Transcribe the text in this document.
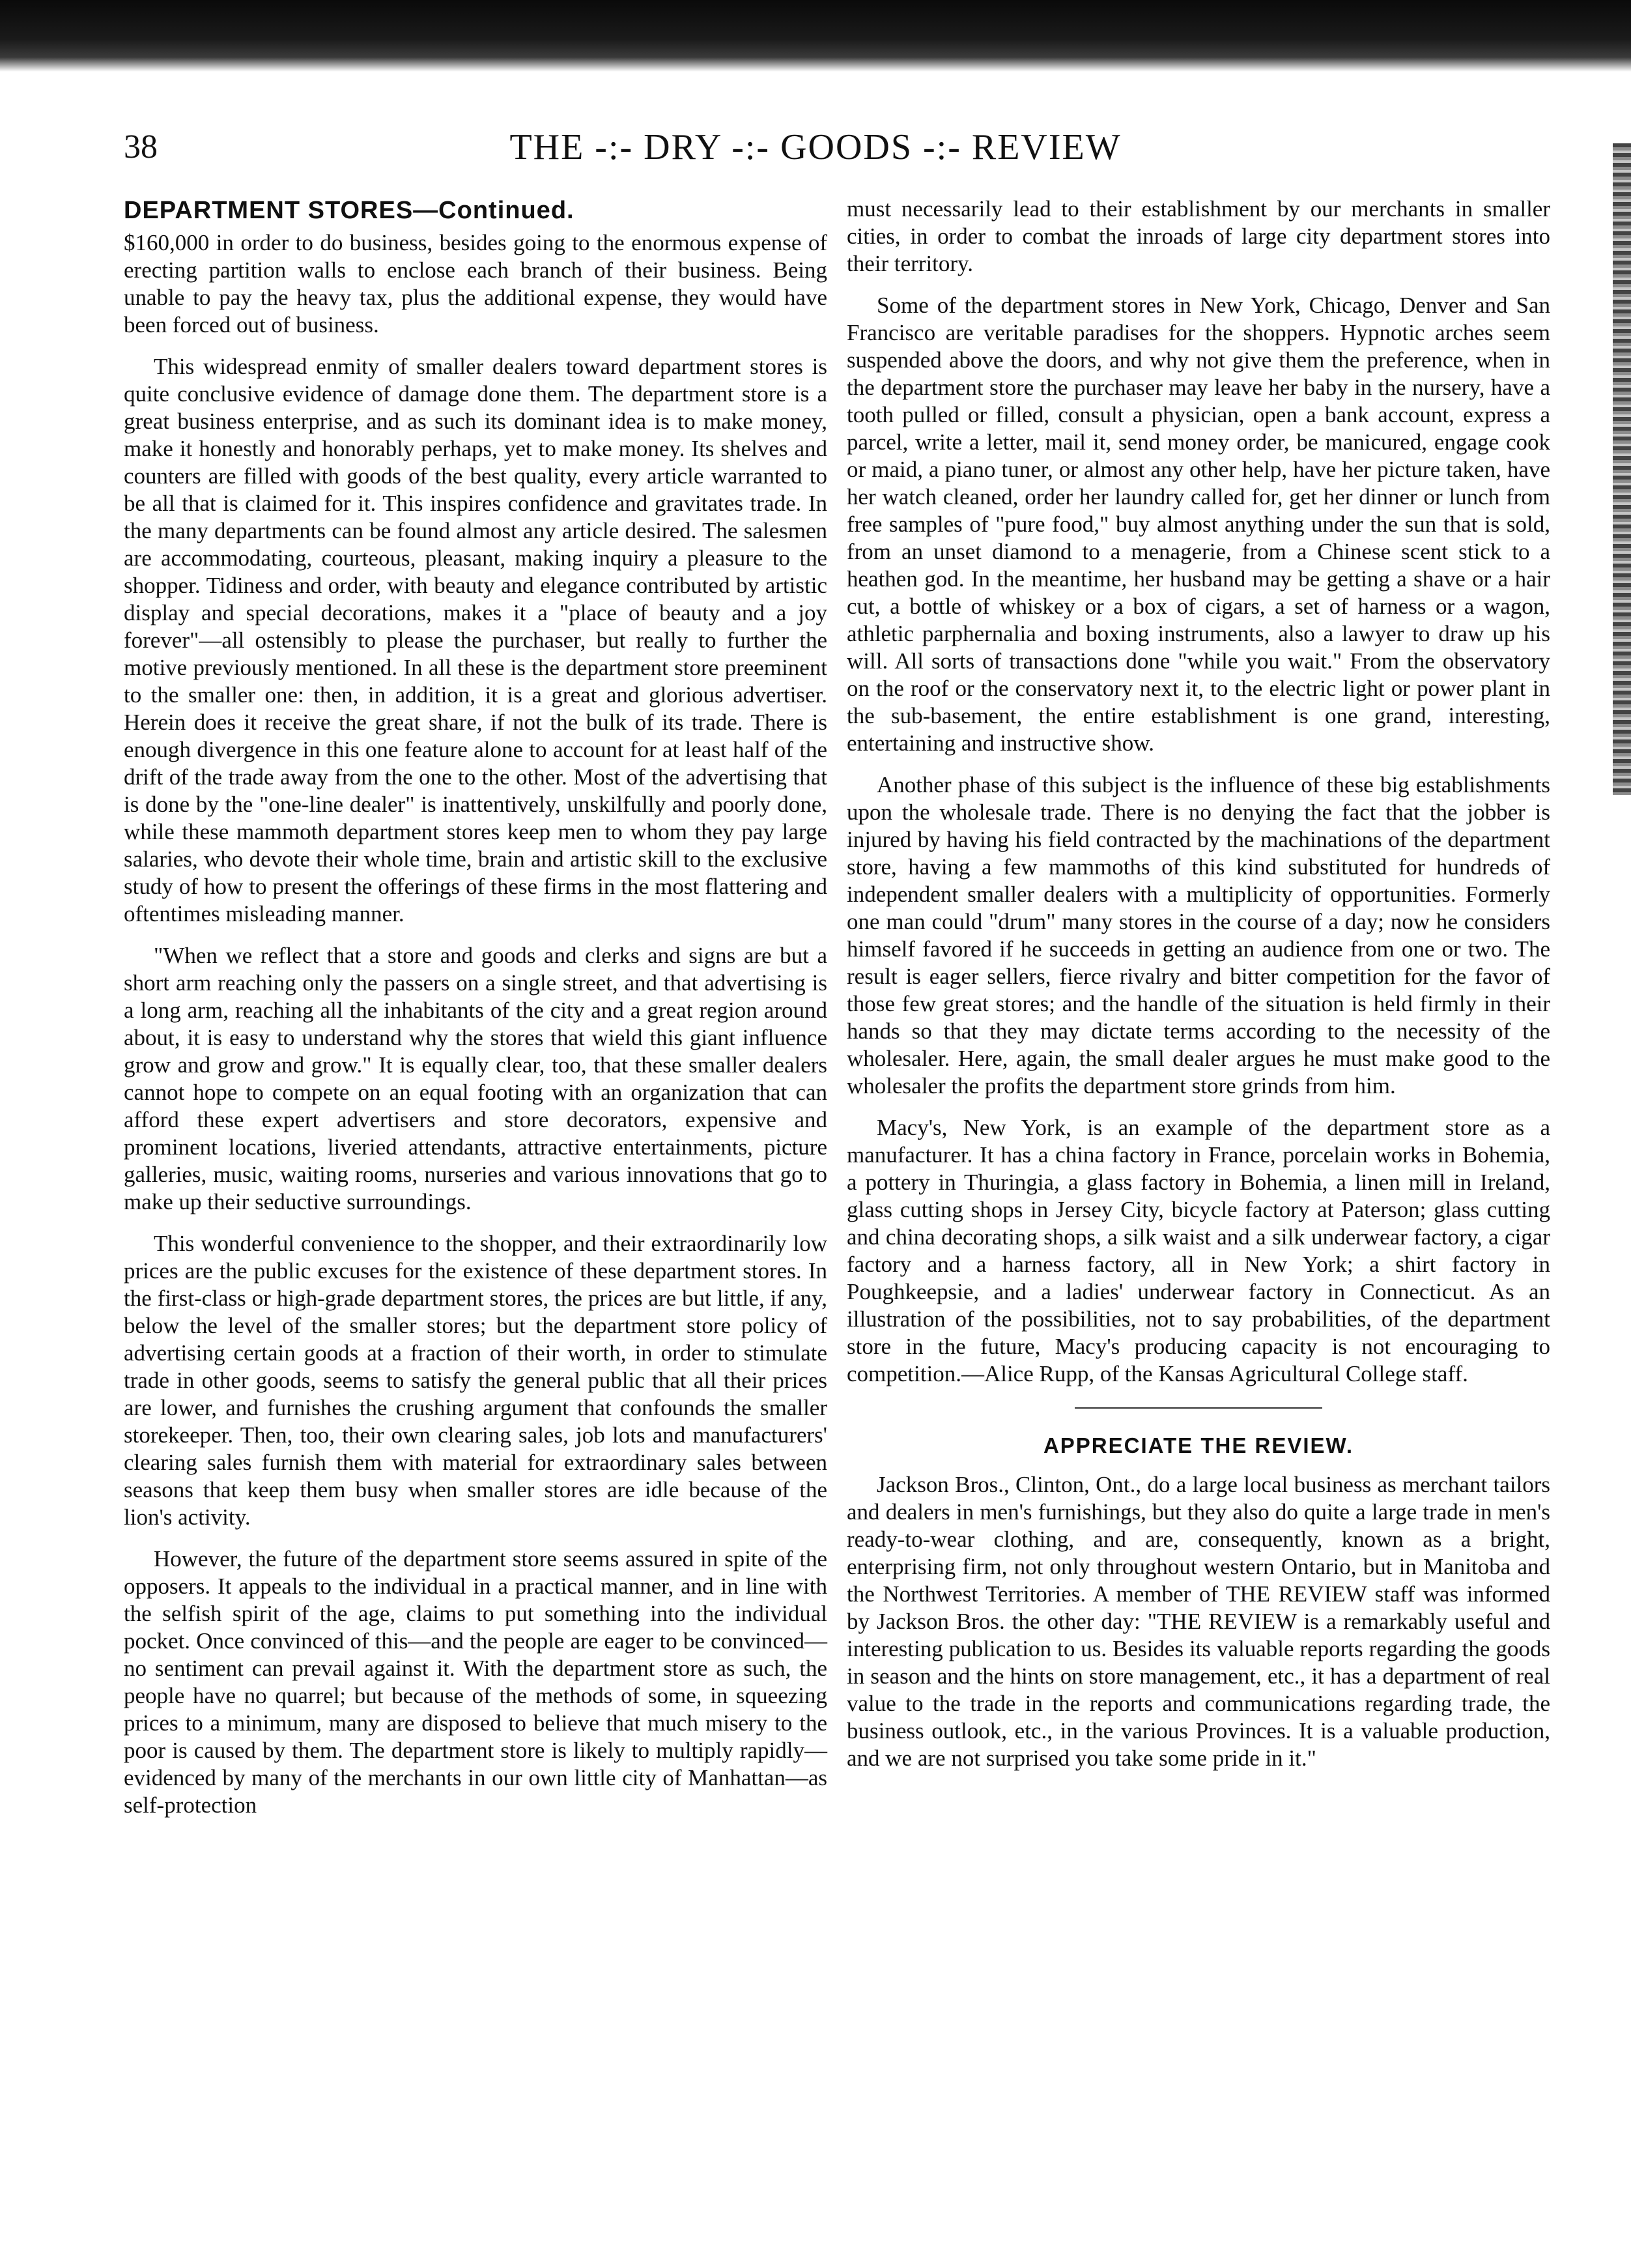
38	THE -:- DRY -:- GOODS -:- REVIEW
DEPARTMENT STORES—Continued.

$160,000 in order to do business, besides going to the enormous expense of erecting partition walls to enclose each branch of their business. Being unable to pay the heavy tax, plus the additional expense, they would have been forced out of business.

This widespread enmity of smaller dealers toward department stores is quite conclusive evidence of damage done them. The department store is a great business enterprise, and as such its dominant idea is to make money, make it honestly and honorably perhaps, yet to make money. Its shelves and counters are filled with goods of the best quality, every article warranted to be all that is claimed for it. This inspires confidence and gravitates trade. In the many departments can be found almost any article desired. The salesmen are accommodating, courteous, pleasant, making inquiry a pleasure to the shopper. Tidiness and order, with beauty and elegance contributed by artistic display and special decorations, makes it a "place of beauty and a joy forever"—all ostensibly to please the purchaser, but really to further the motive previously mentioned. In all these is the department store preeminent to the smaller one: then, in addition, it is a great and glorious advertiser. Herein does it receive the great share, if not the bulk of its trade. There is enough divergence in this one feature alone to account for at least half of the drift of the trade away from the one to the other. Most of the advertising that is done by the "one-line dealer" is inattentively, unskilfully and poorly done, while these mammoth department stores keep men to whom they pay large salaries, who devote their whole time, brain and artistic skill to the exclusive study of how to present the offerings of these firms in the most flattering and oftentimes misleading manner.

"When we reflect that a store and goods and clerks and signs are but a short arm reaching only the passers on a single street, and that advertising is a long arm, reaching all the inhabitants of the city and a great region around about, it is easy to understand why the stores that wield this giant influence grow and grow and grow." It is equally clear, too, that these smaller dealers cannot hope to compete on an equal footing with an organization that can afford these expert advertisers and store decorators, expensive and prominent locations, liveried attendants, attractive entertainments, picture galleries, music, waiting rooms, nurseries and various innovations that go to make up their seductive surroundings.

This wonderful convenience to the shopper, and their extraordinarily low prices are the public excuses for the existence of these department stores. In the first-class or high-grade department stores, the prices are but little, if any, below the level of the smaller stores; but the department store policy of advertising certain goods at a fraction of their worth, in order to stimulate trade in other goods, seems to satisfy the general public that all their prices are lower, and furnishes the crushing argument that confounds the smaller storekeeper. Then, too, their own clearing sales, job lots and manufacturers' clearing sales furnish them with material for extraordinary sales between seasons that keep them busy when smaller stores are idle because of the lion's activity.

However, the future of the department store seems assured in spite of the opposers. It appeals to the individual in a practical manner, and in line with the selfish spirit of the age, claims to put something into the individual pocket. Once convinced of this—and the people are eager to be convinced—no sentiment can prevail against it. With the department store as such, the people have no quarrel; but because of the methods of some, in squeezing prices to a minimum, many are disposed to believe that much misery to the poor is caused by them. The department store is likely to multiply rapidly—evidenced by many of the merchants in our own little city of Manhattan—as self-protection

must necessarily lead to their establishment by our merchants in smaller cities, in order to combat the inroads of large city department stores into their territory.

Some of the department stores in New York, Chicago, Denver and San Francisco are veritable paradises for the shoppers. Hypnotic arches seem suspended above the doors, and why not give them the preference, when in the department store the purchaser may leave her baby in the nursery, have a tooth pulled or filled, consult a physician, open a bank account, express a parcel, write a letter, mail it, send money order, be manicured, engage cook or maid, a piano tuner, or almost any other help, have her picture taken, have her watch cleaned, order her laundry called for, get her dinner or lunch from free samples of "pure food," buy almost anything under the sun that is sold, from an unset diamond to a menagerie, from a Chinese scent stick to a heathen god. In the meantime, her husband may be getting a shave or a hair cut, a bottle of whiskey or a box of cigars, a set of harness or a wagon, athletic parphernalia and boxing instruments, also a lawyer to draw up his will. All sorts of transactions done "while you wait." From the observatory on the roof or the conservatory next it, to the electric light or power plant in the sub-basement, the entire establishment is one grand, interesting, entertaining and instructive show.

Another phase of this subject is the influence of these big establishments upon the wholesale trade. There is no denying the fact that the jobber is injured by having his field contracted by the machinations of the department store, having a few mammoths of this kind substituted for hundreds of independent smaller dealers with a multiplicity of opportunities. Formerly one man could "drum" many stores in the course of a day; now he considers himself favored if he succeeds in getting an audience from one or two. The result is eager sellers, fierce rivalry and bitter competition for the favor of those few great stores; and the handle of the situation is held firmly in their hands so that they may dictate terms according to the necessity of the wholesaler. Here, again, the small dealer argues he must make good to the wholesaler the profits the department store grinds from him.

Macy's, New York, is an example of the department store as a manufacturer. It has a china factory in France, porcelain works in Bohemia, a pottery in Thuringia, a glass factory in Bohemia, a linen mill in Ireland, glass cutting shops in Jersey City, bicycle factory at Paterson; glass cutting and china decorating shops, a silk waist and a silk underwear factory, a cigar factory and a harness factory, all in New York; a shirt factory in Poughkeepsie, and a ladies' underwear factory in Connecticut. As an illustration of the possibilities, not to say probabilities, of the department store in the future, Macy's producing capacity is not encouraging to competition.—Alice Rupp, of the Kansas Agricultural College staff.

APPRECIATE THE REVIEW.

Jackson Bros., Clinton, Ont., do a large local business as merchant tailors and dealers in men's furnishings, but they also do quite a large trade in men's ready-to-wear clothing, and are, consequently, known as a bright, enterprising firm, not only throughout western Ontario, but in Manitoba and the Northwest Territories. A member of THE REVIEW staff was informed by Jackson Bros. the other day: "THE REVIEW is a remarkably useful and interesting publication to us. Besides its valuable reports regarding the goods in season and the hints on store management, etc., it has a department of real value to the trade in the reports and communications regarding trade, the business outlook, etc., in the various Provinces. It is a valuable production, and we are not surprised you take some pride in it."
